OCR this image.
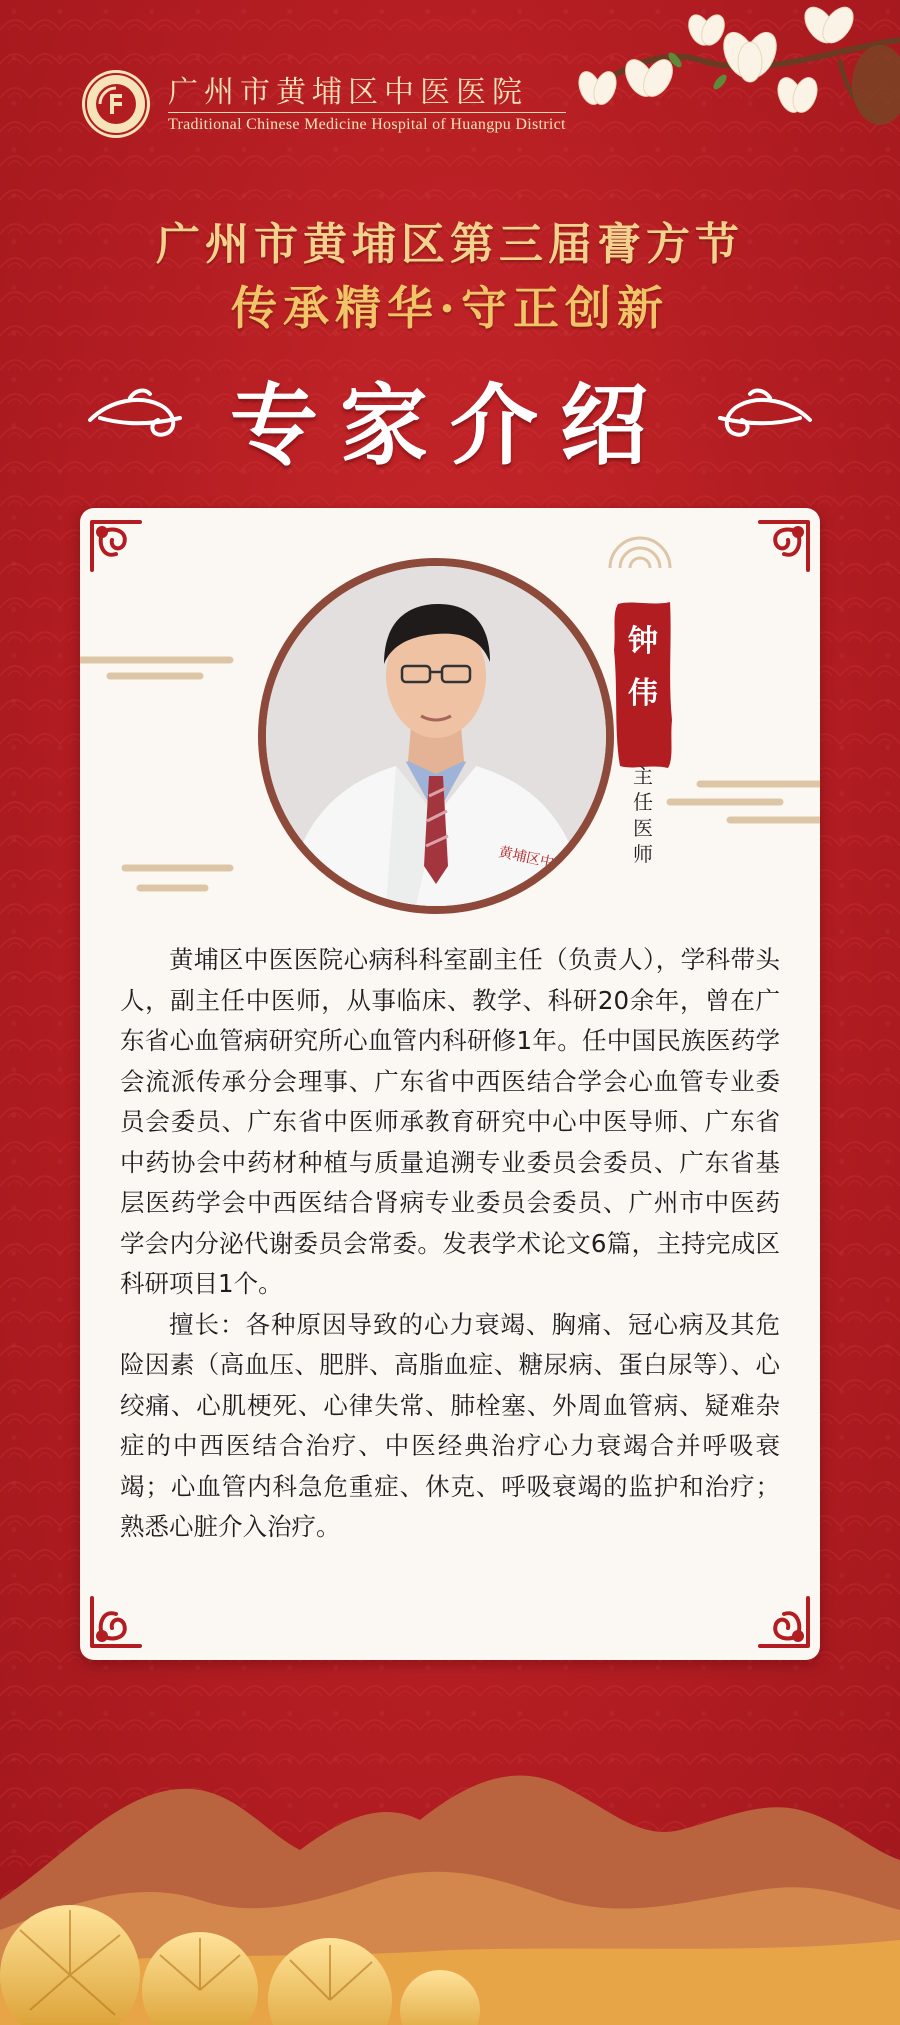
广州市黄埔区中医医院
Traditional Chinese Medicine Hospital of Huangpu District
广州市黄埔区第三届膏方节
传承精华·守正创新
专家介绍
黄埔区中医
钟
伟
主任医师

黄埔区中医医院心病科科室副主任（负责人），学科带头人，副主任中医师，从事临床、教学、科研20余年，曾在广东省心血管病研究所心血管内科研修1年。任中国民族医药学会流派传承分会理事、广东省中西医结合学会心血管专业委员会委员、广东省中医师承教育研究中心中医导师、广东省中药协会中药材种植与质量追溯专业委员会委员、广东省基层医药学会中西医结合肾病专业委员会委员、广州市中医药学会内分泌代谢委员会常委。发表学术论文6篇，主持完成区科研项目1个。

擅长：各种原因导致的心力衰竭、胸痛、冠心病及其危险因素（高血压、肥胖、高脂血症、糖尿病、蛋白尿等）、心绞痛、心肌梗死、心律失常、肺栓塞、外周血管病、疑难杂症的中西医结合治疗、中医经典治疗心力衰竭合并呼吸衰竭；心血管内科急危重症、休克、呼吸衰竭的监护和治疗；熟悉心脏介入治疗。
